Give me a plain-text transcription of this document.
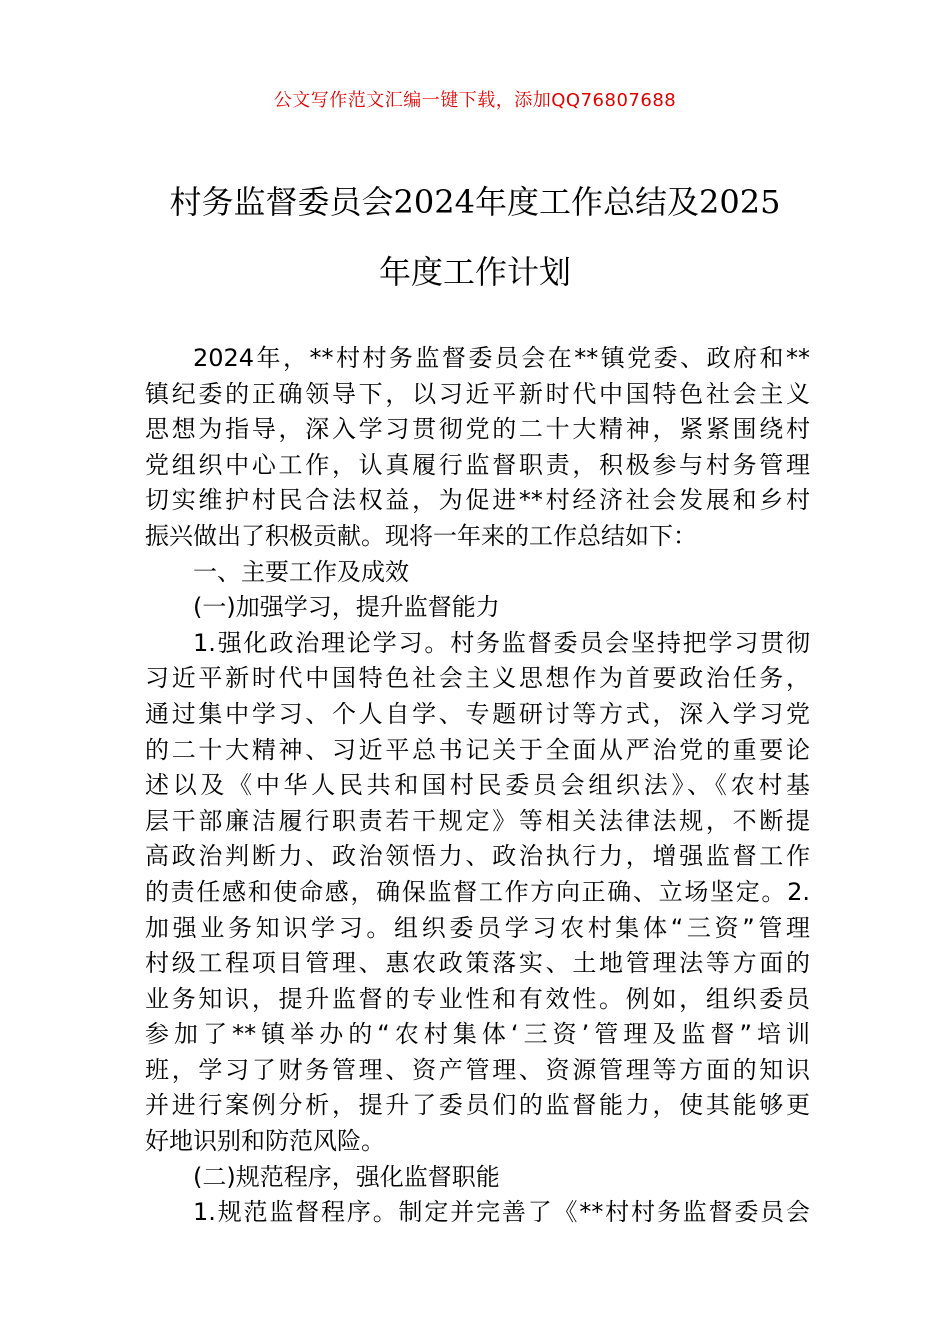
公文写作范文汇编一键下载，添加QQ76807688
村务监督委员会2024年度工作总结及2025
年度工作计划
2024年，**村村务监督委员会在**镇党委、政府和**
镇纪委的正确领导下，以习近平新时代中国特色社会主义
思想为指导，深入学习贯彻党的二十大精神，紧紧围绕村
党组织中心工作，认真履行监督职责，积极参与村务管理
切实维护村民合法权益，为促进**村经济社会发展和乡村
振兴做出了积极贡献。现将一年来的工作总结如下：
一、主要工作及成效
(一)加强学习，提升监督能力
1.强化政治理论学习。村务监督委员会坚持把学习贯彻
习近平新时代中国特色社会主义思想作为首要政治任务，
通过集中学习、个人自学、专题研讨等方式，深入学习党
的二十大精神、习近平总书记关于全面从严治党的重要论
述以及《中华人民共和国村民委员会组织法》、《农村基
层干部廉洁履行职责若干规定》等相关法律法规，不断提
高政治判断力、政治领悟力、政治执行力，增强监督工作
的责任感和使命感，确保监督工作方向正确、立场坚定。2.
加强业务知识学习。组织委员学习农村集体“三资”管理
村级工程项目管理、惠农政策落实、土地管理法等方面的
业务知识，提升监督的专业性和有效性。例如，组织委员
参加了**镇举办的“农村集体‘三资’管理及监督”培训
班，学习了财务管理、资产管理、资源管理等方面的知识
并进行案例分析，提升了委员们的监督能力，使其能够更
好地识别和防范风险。
(二)规范程序，强化监督职能
1.规范监督程序。制定并完善了《**村村务监督委员会
